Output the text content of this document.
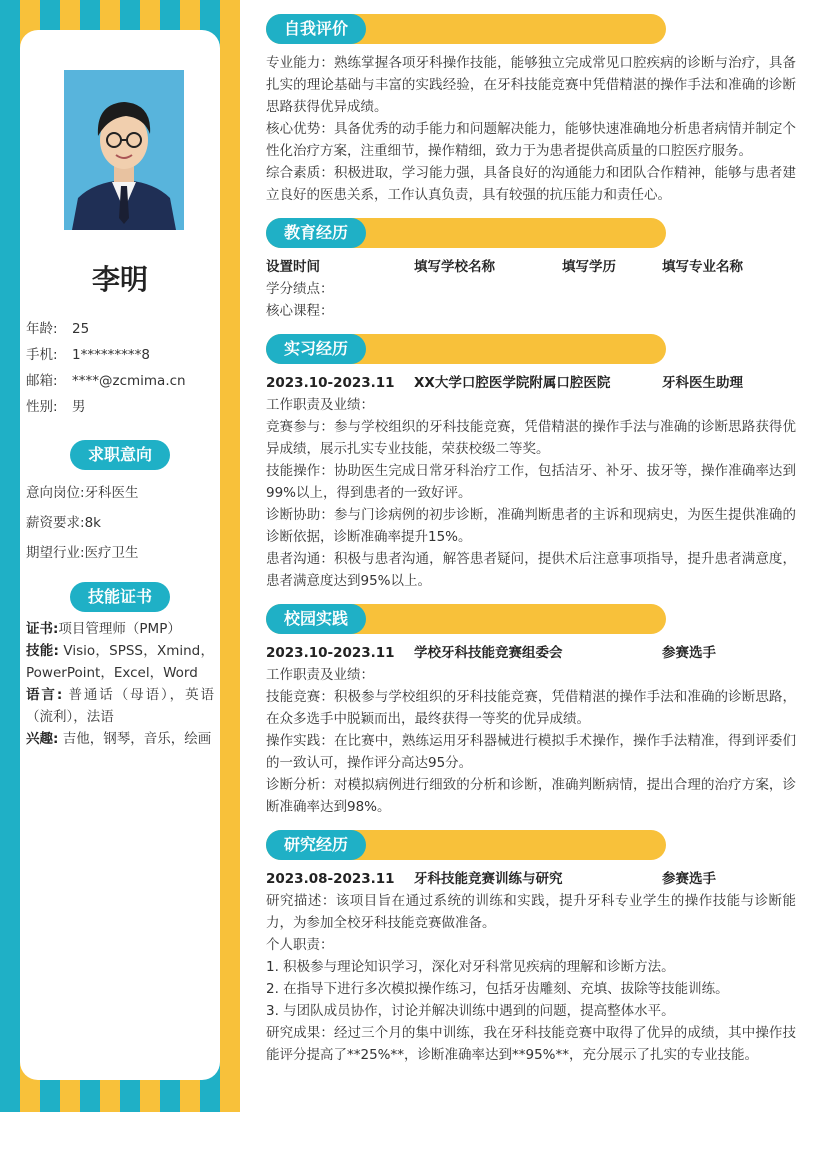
李明
年龄: 25
手机: 1*********8
邮箱: ****@zcmima.cn
性别: 男
求职意向
意向岗位:牙科医生
薪资要求:8k
期望行业:医疗卫生
技能证书
证书:项目管理师（PMP）
技能: Visio，SPSS，Xmind，PowerPoint，Excel，Word
语言: 普通话（母语），英语（流利），法语
兴趣: 吉他，钢琴，音乐，绘画
自我评价

专业能力：熟练掌握各项牙科操作技能，能够独立完成常见口腔疾病的诊断与治疗，具备扎实的理论基础与丰富的实践经验，在牙科技能竞赛中凭借精湛的操作手法和准确的诊断思路获得优异成绩。

核心优势：具备优秀的动手能力和问题解决能力，能够快速准确地分析患者病情并制定个性化治疗方案，注重细节，操作精细，致力于为患者提供高质量的口腔医疗服务。

综合素质：积极进取，学习能力强，具备良好的沟通能力和团队合作精神，能够与患者建立良好的医患关系，工作认真负责，具有较强的抗压能力和责任心。

教育经历
设置时间	填写学校名称	填写学历	填写专业名称

学分绩点：

核心课程：

实习经历
2023.10-2023.11	XX大学口腔医学院附属口腔医院	牙科医生助理

工作职责及业绩：

竞赛参与：参与学校组织的牙科技能竞赛，凭借精湛的操作手法与准确的诊断思路获得优异成绩，展示扎实专业技能，荣获校级二等奖。

技能操作：协助医生完成日常牙科治疗工作，包括洁牙、补牙、拔牙等，操作准确率达到99%以上，得到患者的一致好评。

诊断协助：参与门诊病例的初步诊断，准确判断患者的主诉和现病史，为医生提供准确的诊断依据，诊断准确率提升15%。

患者沟通：积极与患者沟通，解答患者疑问，提供术后注意事项指导，提升患者满意度，患者满意度达到95%以上。

校园实践
2023.10-2023.11	学校牙科技能竞赛组委会	参赛选手

工作职责及业绩：

技能竞赛：积极参与学校组织的牙科技能竞赛，凭借精湛的操作手法和准确的诊断思路，在众多选手中脱颖而出，最终获得一等奖的优异成绩。

操作实践：在比赛中，熟练运用牙科器械进行模拟手术操作，操作手法精准，得到评委们的一致认可，操作评分高达95分。

诊断分析：对模拟病例进行细致的分析和诊断，准确判断病情，提出合理的治疗方案，诊断准确率达到98%。

研究经历
2023.08-2023.11	牙科技能竞赛训练与研究	参赛选手

研究描述：该项目旨在通过系统的训练和实践，提升牙科专业学生的操作技能与诊断能力，为参加全校牙科技能竞赛做准备。

个人职责：

1. 积极参与理论知识学习，深化对牙科常见疾病的理解和诊断方法。

2. 在指导下进行多次模拟操作练习，包括牙齿雕刻、充填、拔除等技能训练。

3. 与团队成员协作，讨论并解决训练中遇到的问题，提高整体水平。

研究成果：经过三个月的集中训练，我在牙科技能竞赛中取得了优异的成绩，其中操作技能评分提高了**25%**，诊断准确率达到**95%**，充分展示了扎实的专业技能。
